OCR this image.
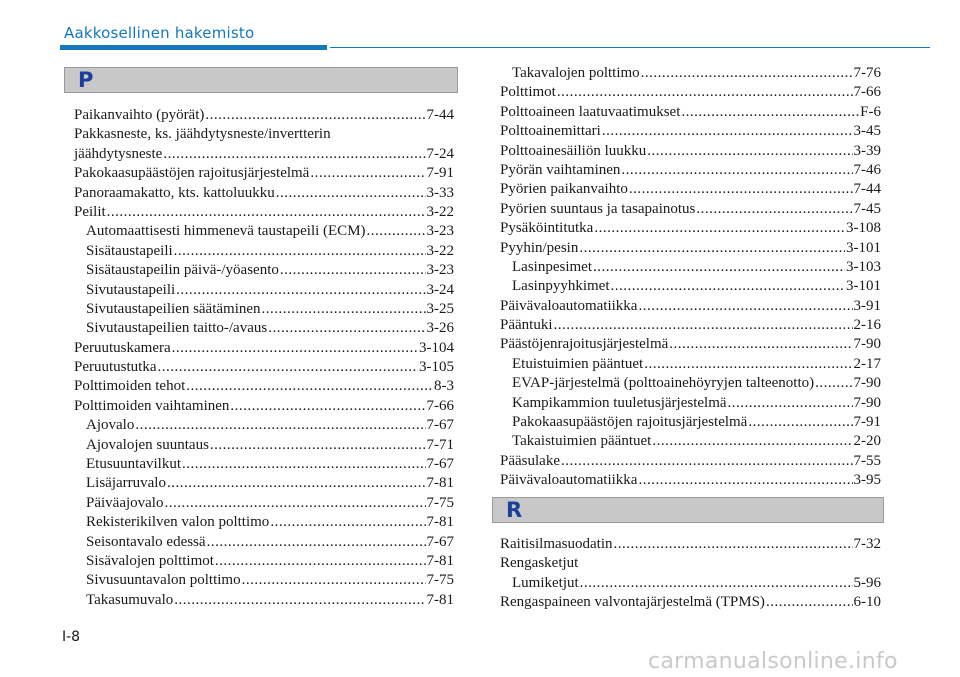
Aakkosellinen hakemisto
P
Paikanvaihto (pyörät) .....	7-44
Pakkasneste, ks. jäähdytysneste/invertterin
jäähdytysneste .....	7-24
Pakokaasupäästöjen rajoitusjärjestelmä .....	7-91
Panoraamakatto, kts. kattoluukku .....	3-33
Peilit .....	3-22
Automaattisesti himmenevä taustapeili (ECM) .....	3-23
Sisätaustapeili .....	3-22
Sisätaustapeilin päivä-/yöasento .....	3-23
Sivutaustapeili .....	3-24
Sivutaustapeilien säätäminen .....	3-25
Sivutaustapeilien taitto-/avaus .....	3-26
Peruutuskamera .....	3-104
Peruutustutka .....	3-105
Polttimoiden tehot .....	8-3
Polttimoiden vaihtaminen .....	7-66
Ajovalo .....	7-67
Ajovalojen suuntaus .....	7-71
Etusuuntavilkut .....	7-67
Lisäjarruvalo .....	7-81
Päiväajovalo .....	7-75
Rekisterikilven valon polttimo .....	7-81
Seisontavalo edessä .....	7-67
Sisävalojen polttimot .....	7-81
Sivusuuntavalon polttimo .....	7-75
Takasumuvalo .....	7-81
Takavalojen polttimo .....	7-76
Polttimot .....	7-66
Polttoaineen laatuvaatimukset .....	F-6
Polttoainemittari .....	3-45
Polttoainesäiliön luukku .....	3-39
Pyörän vaihtaminen .....	7-46
Pyörien paikanvaihto .....	7-44
Pyörien suuntaus ja tasapainotus .....	7-45
Pysäköintitutka .....	3-108
Pyyhin/pesin .....	3-101
Lasinpesimet .....	3-103
Lasinpyyhkimet .....	3-101
Päivävaloautomatiikka .....	3-91
Pääntuki .....	2-16
Päästöjenrajoitusjärjestelmä .....	7-90
Etuistuimien pääntuet .....	2-17
EVAP-järjestelmä (polttoainehöyryjen talteenotto) .....	7-90
Kampikammion tuuletusjärjestelmä .....	7-90
Pakokaasupäästöjen rajoitusjärjestelmä .....	7-91
Takaistuimien pääntuet .....	2-20
Pääsulake .....	7-55
Päivävaloautomatiikka .....	3-95
R
Raitisilmasuodatin .....	7-32
Rengasketjut
Lumiketjut .....	5-96
Rengaspaineen valvontajärjestelmä (TPMS) .....	6-10
I-8
carmanualsonline.info
